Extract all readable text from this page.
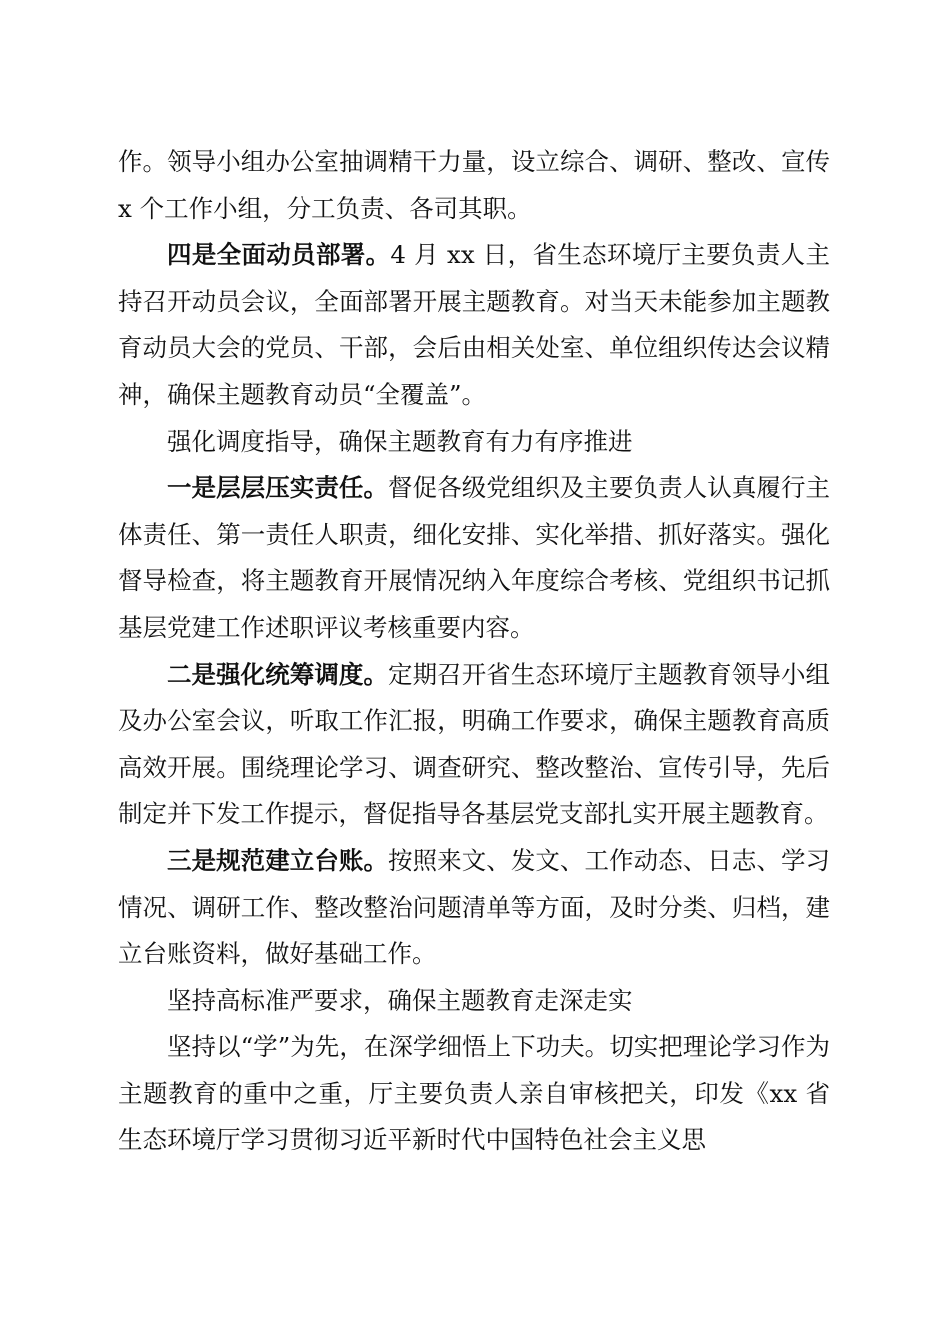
作。领导小组办公室抽调精干力量，设立综合、调研、整改、宣传 x 个工作小组，分工负责、各司其职。

四是全面动员部署。4 月 xx 日，省生态环境厅主要负责人主持召开动员会议，全面部署开展主题教育。对当天未能参加主题教育动员大会的党员、干部，会后由相关处室、单位组织传达会议精神，确保主题教育动员“全覆盖”。

强化调度指导，确保主题教育有力有序推进

一是层层压实责任。督促各级党组织及主要负责人认真履行主体责任、第一责任人职责，细化安排、实化举措、抓好落实。强化督导检查，将主题教育开展情况纳入年度综合考核、党组织书记抓基层党建工作述职评议考核重要内容。

二是强化统筹调度。定期召开省生态环境厅主题教育领导小组及办公室会议，听取工作汇报，明确工作要求，确保主题教育高质高效开展。围绕理论学习、调查研究、整改整治、宣传引导，先后制定并下发工作提示，督促指导各基层党支部扎实开展主题教育。

三是规范建立台账。按照来文、发文、工作动态、日志、学习情况、调研工作、整改整治问题清单等方面，及时分类、归档，建立台账资料，做好基础工作。

坚持高标准严要求，确保主题教育走深走实

坚持以“学”为先，在深学细悟上下功夫。切实把理论学习作为主题教育的重中之重，厅主要负责人亲自审核把关，印发《xx 省生态环境厅学习贯彻习近平新时代中国特色社会主义思
